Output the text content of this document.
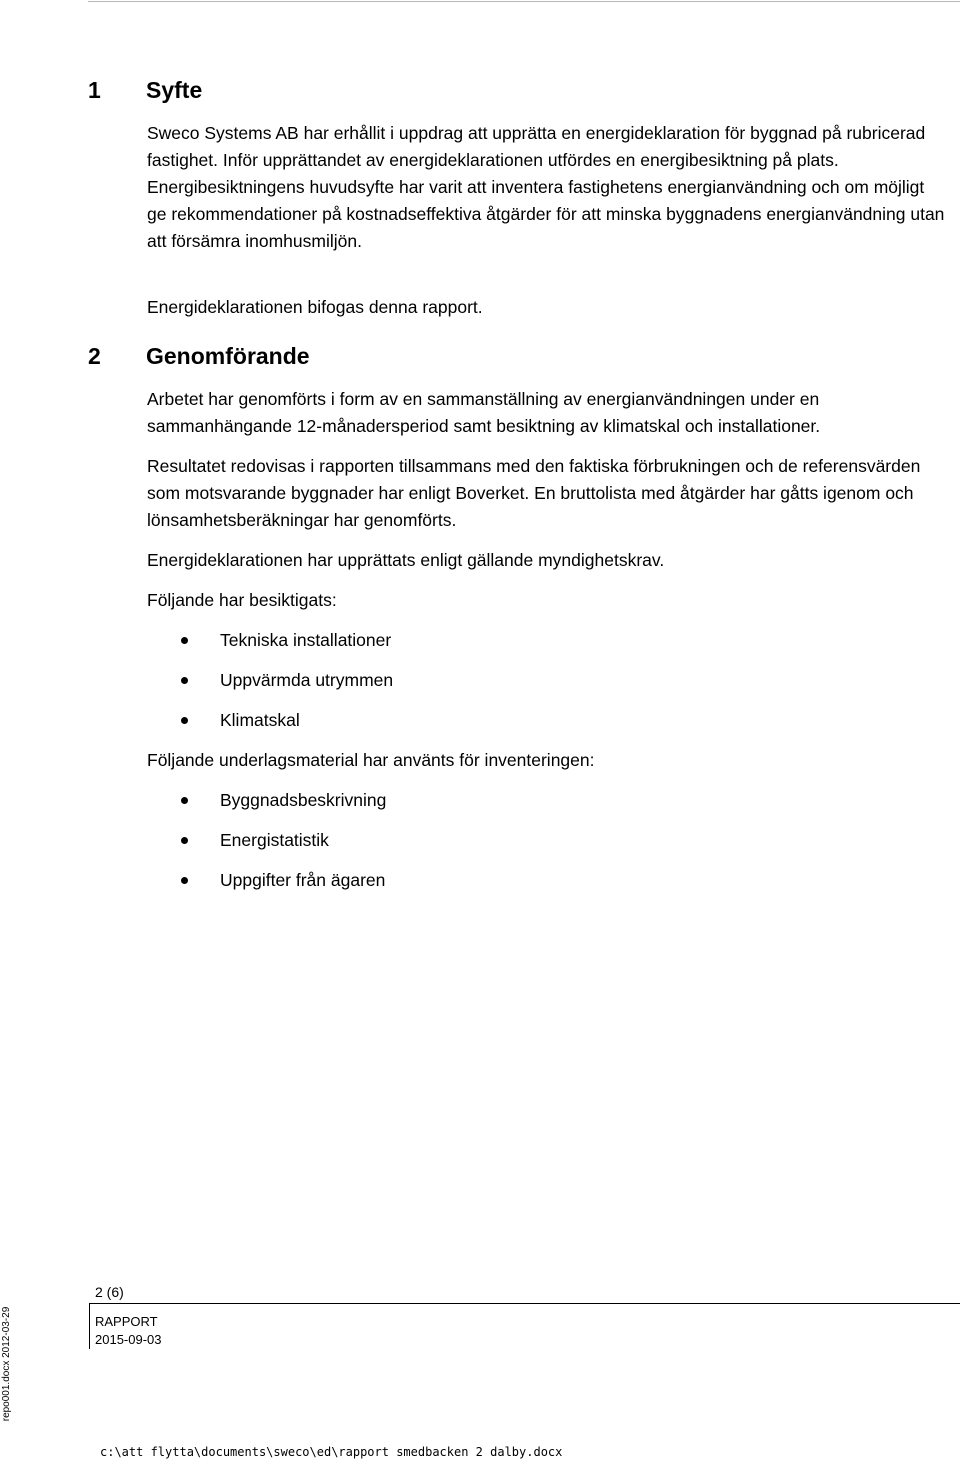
1 Syfte

Sweco Systems AB har erhållit i uppdrag att upprätta en energideklaration för byggnad på rubricerad fastighet. Inför upprättandet av energideklarationen utfördes en energibesiktning på plats. Energibesiktningens huvudsyfte har varit att inventera fastighetens energianvändning och om möjligt ge rekommendationer på kostnadseffektiva åtgärder för att minska byggnadens energianvändning utan att försämra inomhusmiljön.

Energideklarationen bifogas denna rapport.

2 Genomförande

Arbetet har genomförts i form av en sammanställning av energianvändningen under en sammanhängande 12-månadersperiod samt besiktning av klimatskal och installationer.

Resultatet redovisas i rapporten tillsammans med den faktiska förbrukningen och de referensvärden som motsvarande byggnader har enligt Boverket. En bruttolista med åtgärder har gåtts igenom och lönsamhetsberäkningar har genomförts.

Energideklarationen har upprättats enligt gällande myndighetskrav.

Följande har besiktigats:

Tekniska installationer
Uppvärmda utrymmen
Klimatskal

Följande underlagsmaterial har använts för inventeringen:

Byggnadsbeskrivning
Energistatistik
Uppgifter från ägaren
2 (6)
RAPPORT
2015-09-03
repo001.docx 2012-03-29
c:\att flytta\documents\sweco\ed\rapport smedbacken 2 dalby.docx
